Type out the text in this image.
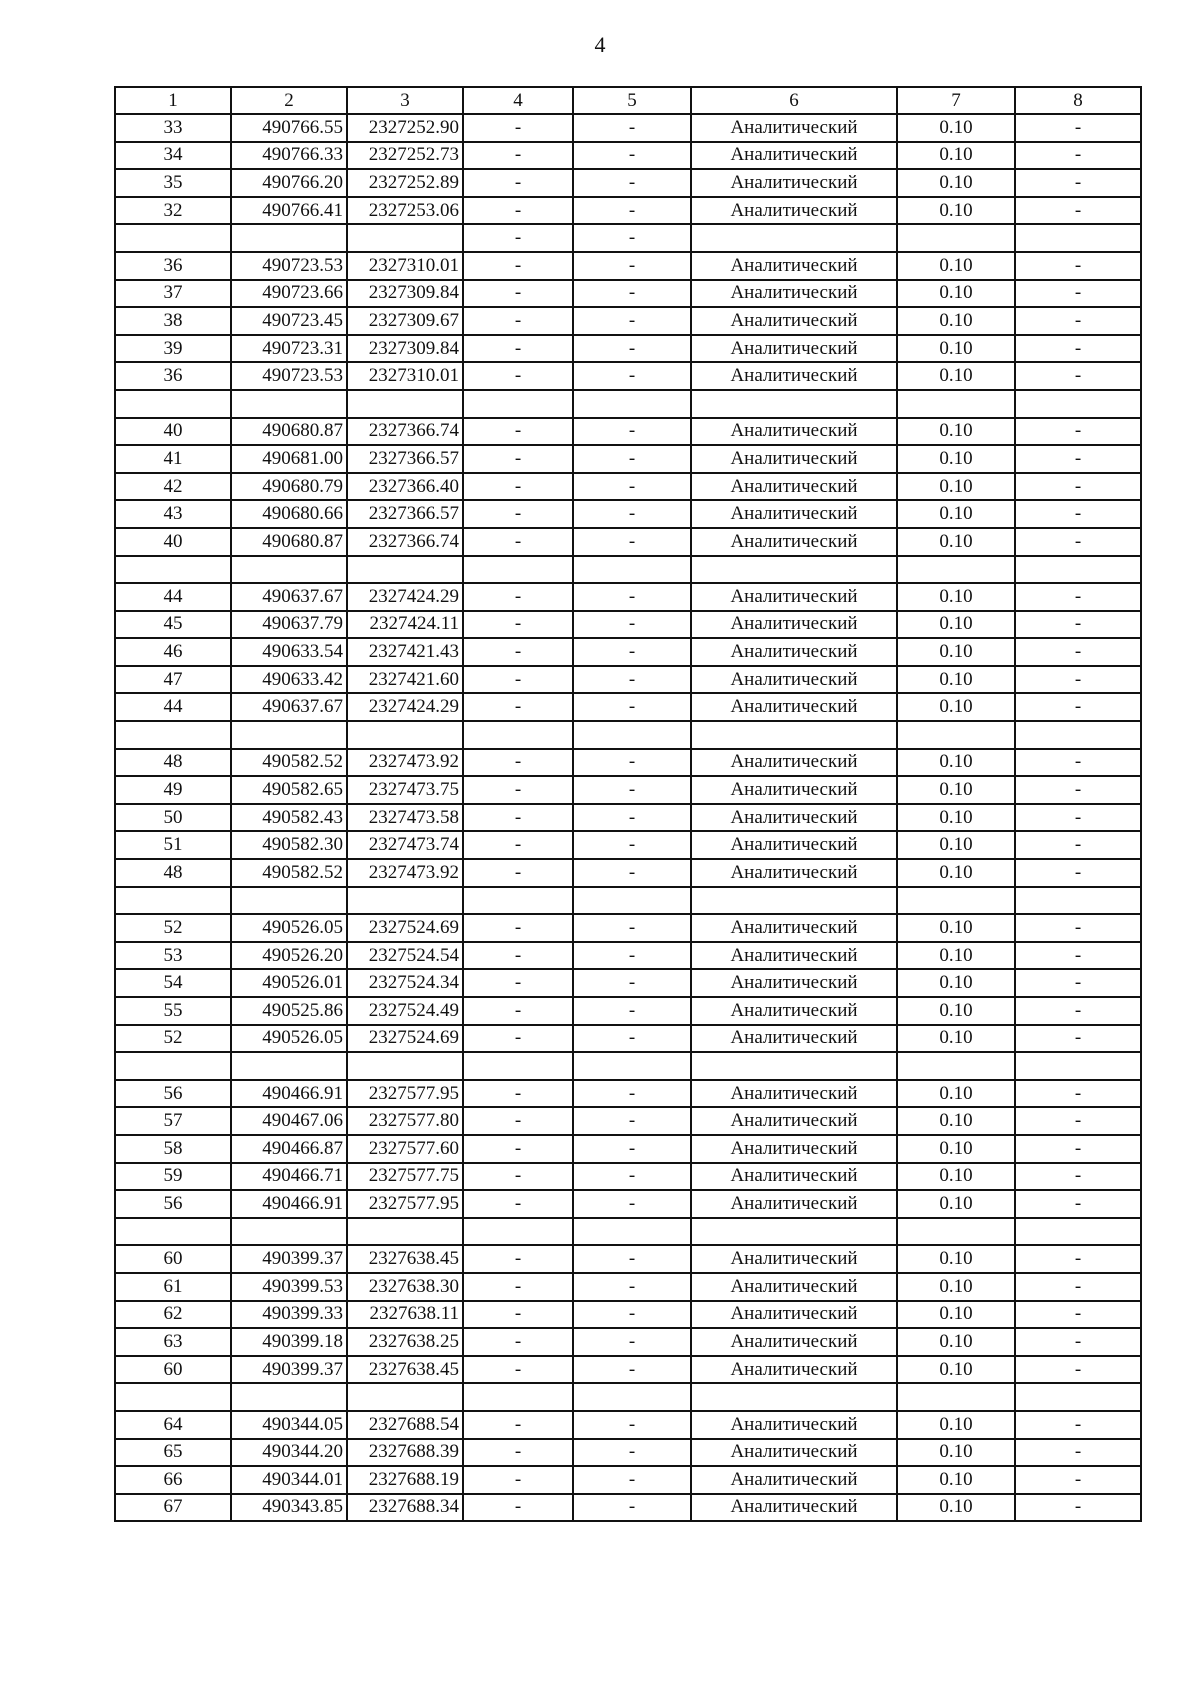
4
1	2	3	4	5	6	7	8
33	490766.55	2327252.90	-	-	Аналитический	0.10	-
34	490766.33	2327252.73	-	-	Аналитический	0.10	-
35	490766.20	2327252.89	-	-	Аналитический	0.10	-
32	490766.41	2327253.06	-	-	Аналитический	0.10	-
			-	-			
36	490723.53	2327310.01	-	-	Аналитический	0.10	-
37	490723.66	2327309.84	-	-	Аналитический	0.10	-
38	490723.45	2327309.67	-	-	Аналитический	0.10	-
39	490723.31	2327309.84	-	-	Аналитический	0.10	-
36	490723.53	2327310.01	-	-	Аналитический	0.10	-

40	490680.87	2327366.74	-	-	Аналитический	0.10	-
41	490681.00	2327366.57	-	-	Аналитический	0.10	-
42	490680.79	2327366.40	-	-	Аналитический	0.10	-
43	490680.66	2327366.57	-	-	Аналитический	0.10	-
40	490680.87	2327366.74	-	-	Аналитический	0.10	-

44	490637.67	2327424.29	-	-	Аналитический	0.10	-
45	490637.79	2327424.11	-	-	Аналитический	0.10	-
46	490633.54	2327421.43	-	-	Аналитический	0.10	-
47	490633.42	2327421.60	-	-	Аналитический	0.10	-
44	490637.67	2327424.29	-	-	Аналитический	0.10	-

48	490582.52	2327473.92	-	-	Аналитический	0.10	-
49	490582.65	2327473.75	-	-	Аналитический	0.10	-
50	490582.43	2327473.58	-	-	Аналитический	0.10	-
51	490582.30	2327473.74	-	-	Аналитический	0.10	-
48	490582.52	2327473.92	-	-	Аналитический	0.10	-

52	490526.05	2327524.69	-	-	Аналитический	0.10	-
53	490526.20	2327524.54	-	-	Аналитический	0.10	-
54	490526.01	2327524.34	-	-	Аналитический	0.10	-
55	490525.86	2327524.49	-	-	Аналитический	0.10	-
52	490526.05	2327524.69	-	-	Аналитический	0.10	-

56	490466.91	2327577.95	-	-	Аналитический	0.10	-
57	490467.06	2327577.80	-	-	Аналитический	0.10	-
58	490466.87	2327577.60	-	-	Аналитический	0.10	-
59	490466.71	2327577.75	-	-	Аналитический	0.10	-
56	490466.91	2327577.95	-	-	Аналитический	0.10	-

60	490399.37	2327638.45	-	-	Аналитический	0.10	-
61	490399.53	2327638.30	-	-	Аналитический	0.10	-
62	490399.33	2327638.11	-	-	Аналитический	0.10	-
63	490399.18	2327638.25	-	-	Аналитический	0.10	-
60	490399.37	2327638.45	-	-	Аналитический	0.10	-

64	490344.05	2327688.54	-	-	Аналитический	0.10	-
65	490344.20	2327688.39	-	-	Аналитический	0.10	-
66	490344.01	2327688.19	-	-	Аналитический	0.10	-
67	490343.85	2327688.34	-	-	Аналитический	0.10	-
